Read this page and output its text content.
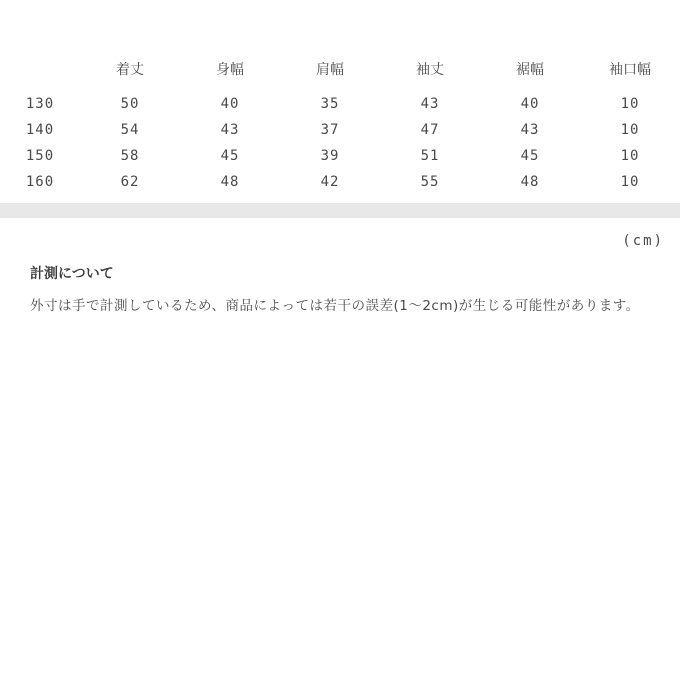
	着丈	身幅	肩幅	袖丈	裾幅	袖口幅
130	50	40	35	43	40	10
140	54	43	37	47	43	10
150	58	45	39	51	45	10
160	62	48	42	55	48	10
(cm)
計測について
外寸は手で計測しているため、商品によっては若干の誤差(1～2cm)が生じる可能性があります。
